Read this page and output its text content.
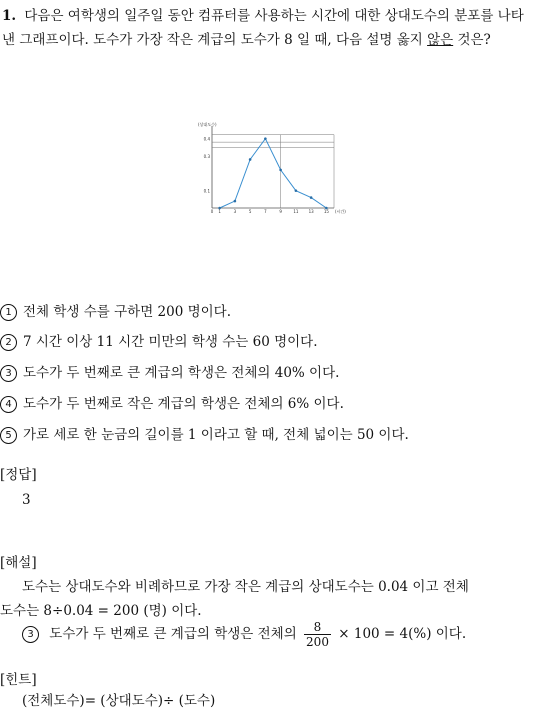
1. 다음은 여학생의 일주일 동안 컴퓨터를 사용하는 시간에 대한 상대도수의 분포를 나타낸 그래프이다. 도수가 가장 작은 계급의 도수가 8 일 때, 다음 설명 옳지 않은 것은?
0.1
0.3
0.4
0 1	3	5	7	9	11	13	15
(상대도수)
(시간)
1 전체 학생 수를 구하면 200 명이다.
2 7 시간 이상 11 시간 미만의 학생 수는 60 명이다.
3 도수가 두 번째로 큰 계급의 학생은 전체의 40% 이다.
4 도수가 두 번째로 작은 계급의 학생은 전체의 6% 이다.
5 가로 세로 한 눈금의 길이를 1 이라고 할 때, 전체 넓이는 50 이다.
[정답]
3
[해설]
도수는 상대도수와 비례하므로 가장 작은 계급의 상대도수는 0.04 이고 전체
도수는 8÷0.04 = 200 (명) 이다.
3 도수가 두 번째로 큰 계급의 학생은 전체의 $\frac{8}{200} \times 100 = 4(\%)$ 이다.
[힌트]
(전체도수)= (상대도수)÷ (도수)
